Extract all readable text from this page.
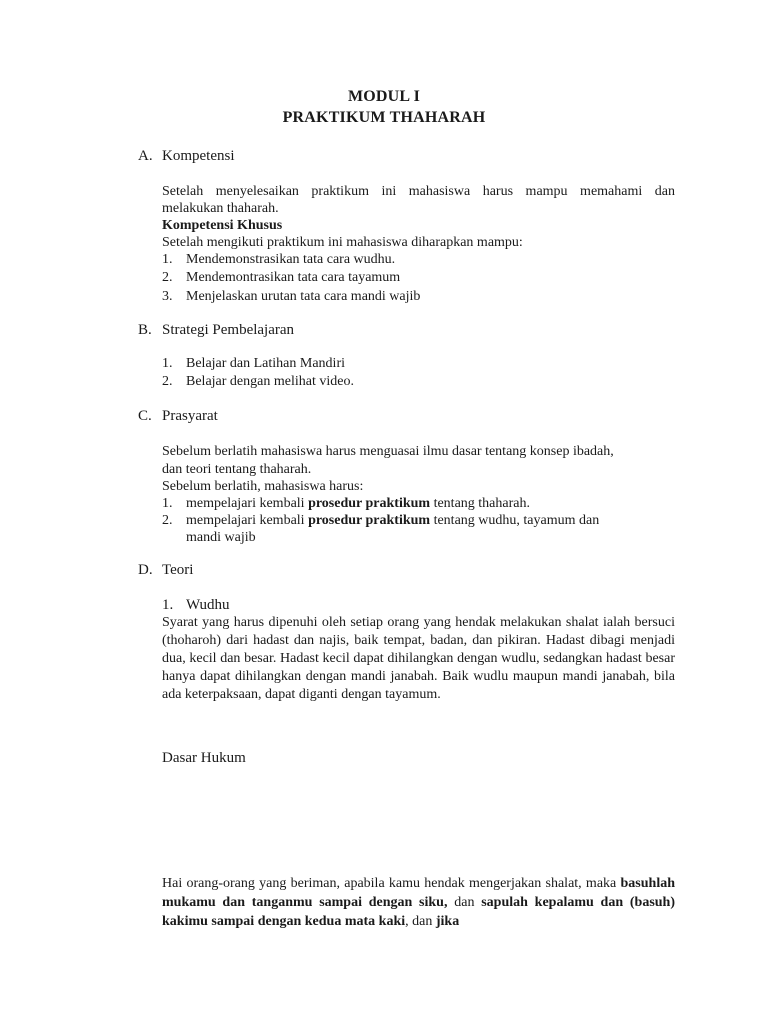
MODUL I
PRAKTIKUM THAHARAH
A. Kompetensi
Setelah menyelesaikan praktikum ini mahasiswa harus mampu memahami dan
melakukan thaharah.
Kompetensi Khusus
Setelah mengikuti praktikum ini mahasiswa diharapkan mampu:
1. Mendemonstrasikan tata cara wudhu.
2. Mendemontrasikan tata cara tayamum
3. Menjelaskan urutan tata cara mandi wajib
B. Strategi Pembelajaran
1. Belajar dan Latihan Mandiri
2. Belajar dengan melihat video.
C. Prasyarat
Sebelum berlatih mahasiswa harus menguasai ilmu dasar tentang konsep ibadah,
dan teori tentang thaharah.
Sebelum berlatih, mahasiswa harus:
1. mempelajari kembali prosedur praktikum tentang thaharah.
2. mempelajari kembali prosedur praktikum tentang wudhu, tayamum dan
mandi wajib
D. Teori
1. Wudhu
Syarat yang harus dipenuhi oleh setiap orang yang hendak melakukan shalat ialah bersuci (thoharoh) dari hadast dan najis, baik tempat, badan, dan pikiran. Hadast dibagi menjadi dua, kecil dan besar. Hadast kecil dapat dihilangkan dengan wudlu, sedangkan hadast besar hanya dapat dihilangkan dengan mandi janabah. Baik wudlu maupun mandi janabah, bila ada keterpaksaan, dapat diganti dengan tayamum.
Dasar Hukum
Hai orang-orang yang beriman, apabila kamu hendak mengerjakan shalat, maka basuhlah mukamu dan tanganmu sampai dengan siku, dan sapulah kepalamu dan (basuh) kakimu sampai dengan kedua mata kaki, dan jika
